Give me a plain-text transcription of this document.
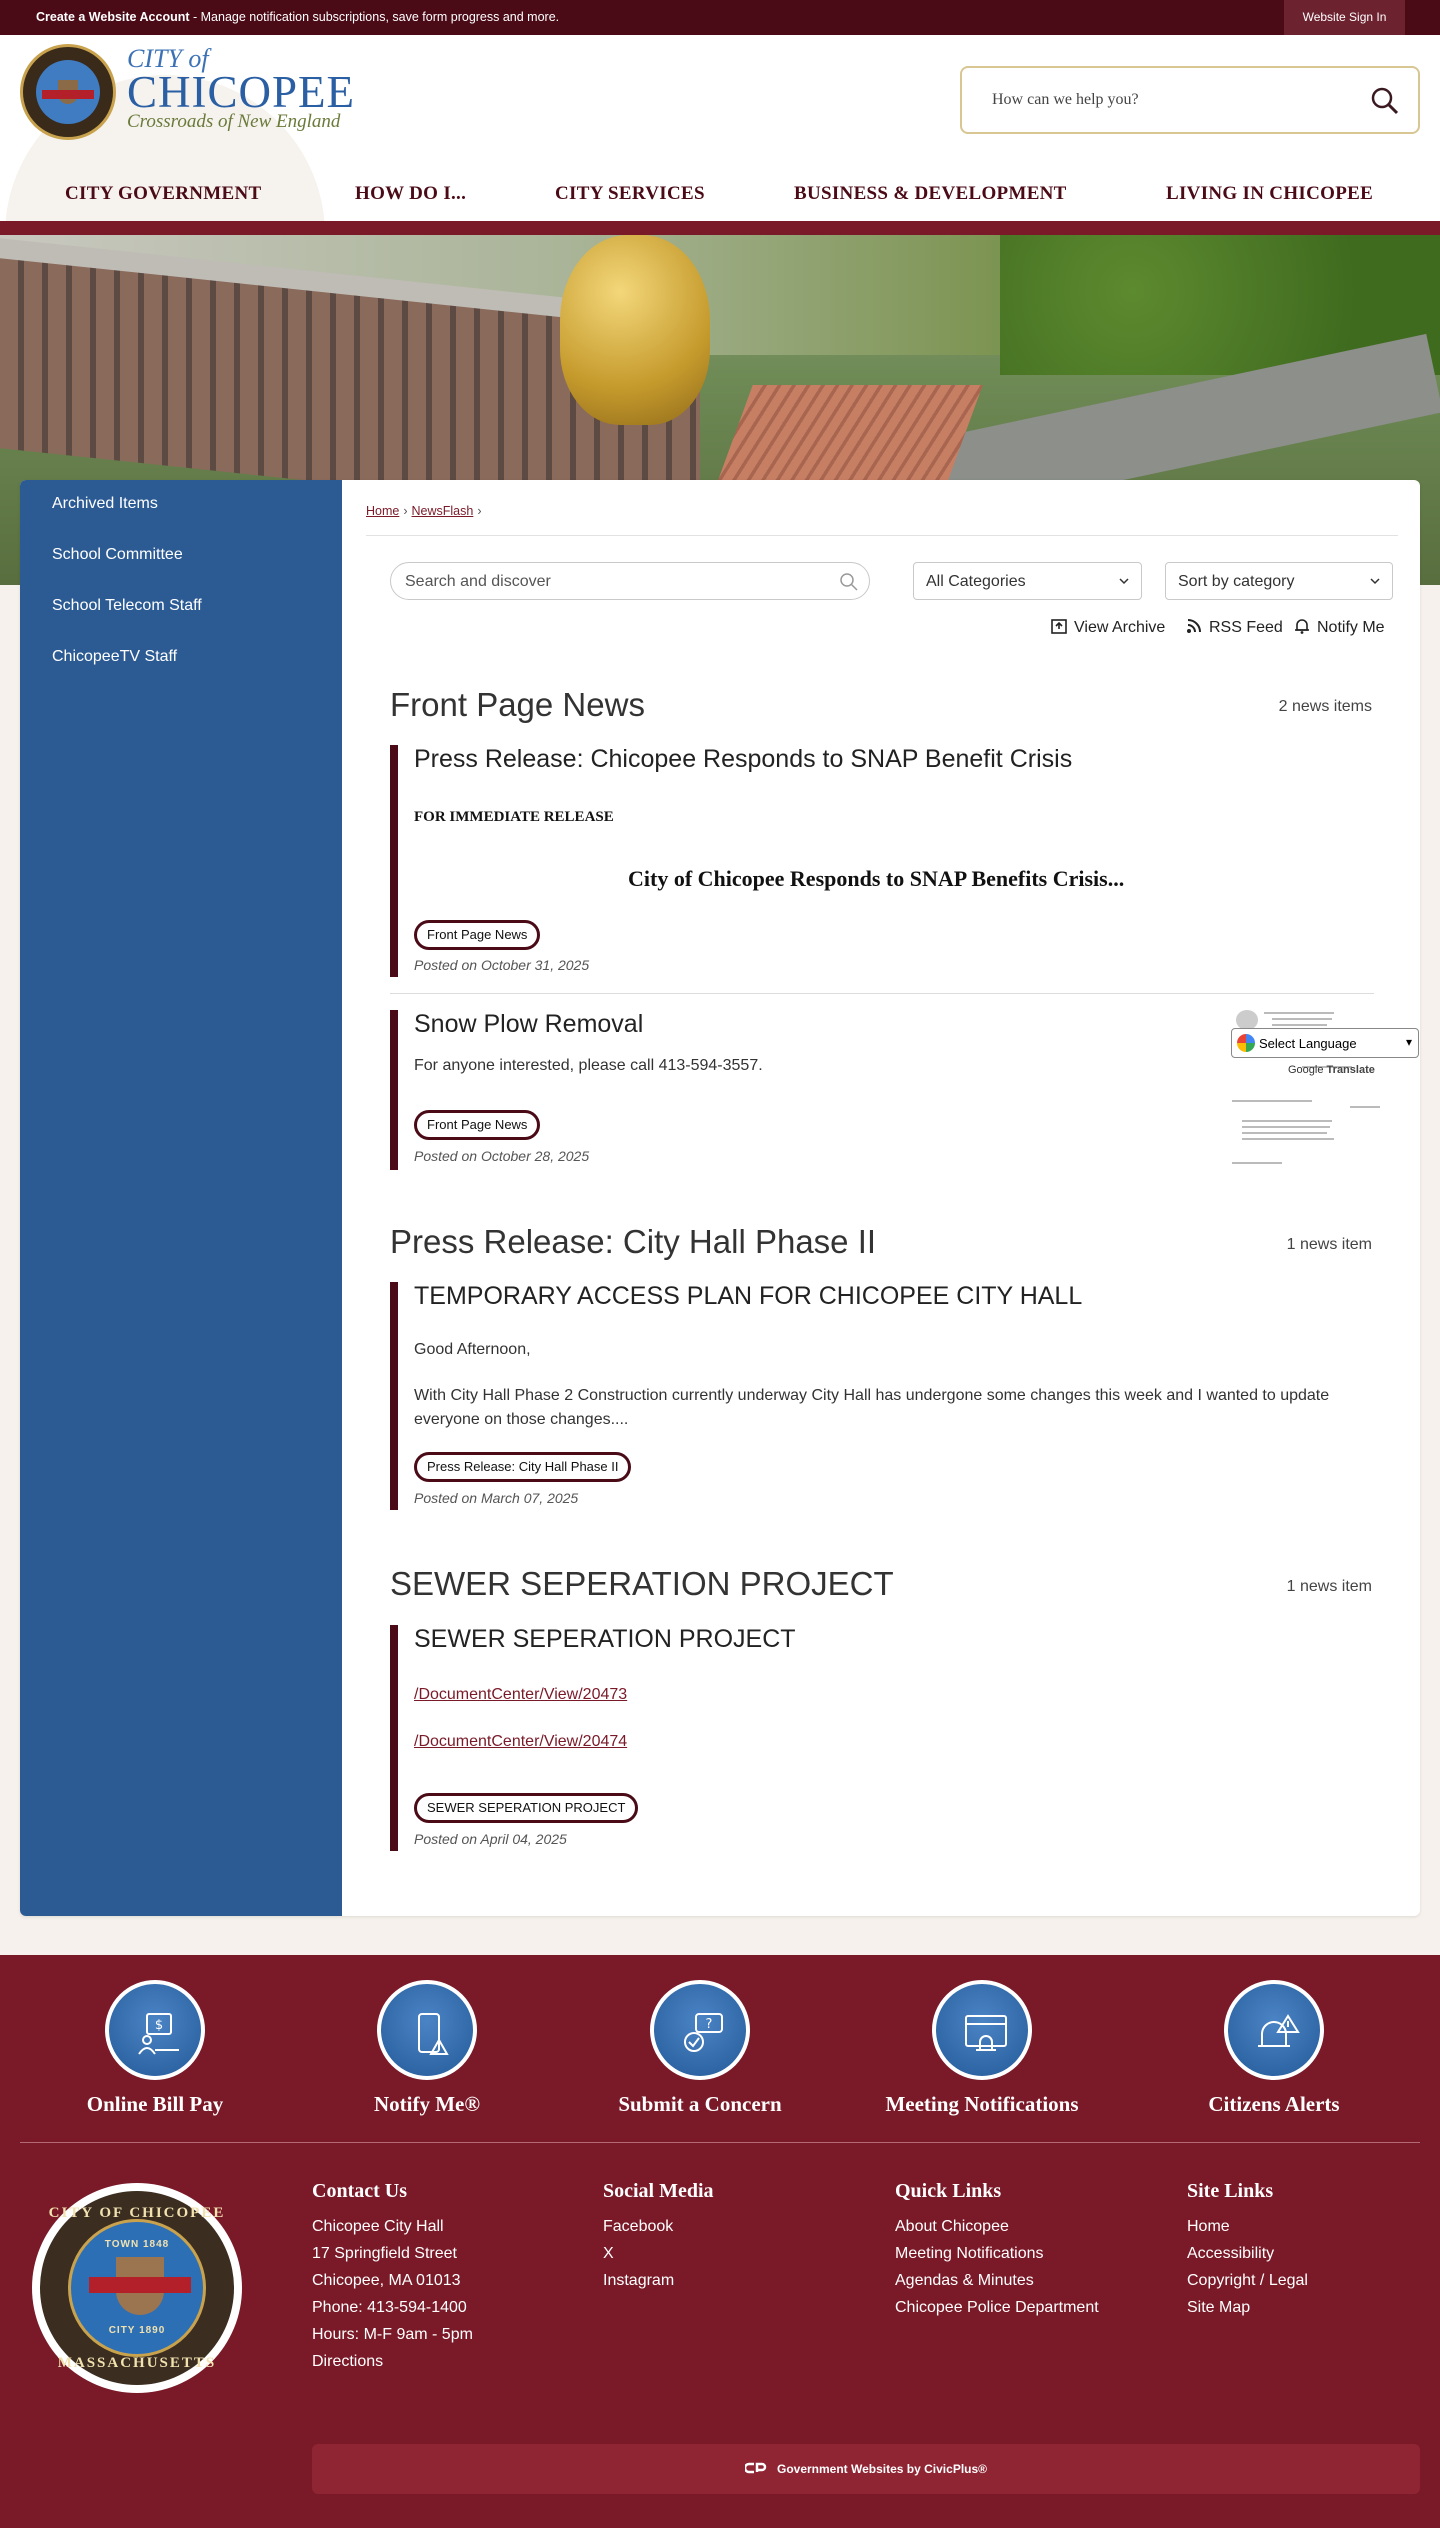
Create a Website Account - Manage notification subscriptions, save form progress and more.	Website Sign In
CITY of
CHICOPEE
Crossroads of New England
How can we help you?
CITY GOVERNMENT	HOW DO I...	CITY SERVICES	BUSINESS & DEVELOPMENT	LIVING IN CHICOPEE
Archived Items
School Committee
School Telecom Staff
ChicopeeTV Staff
Home › NewsFlash ›
Search and discover	All Categories	Sort by category
View Archive	RSS Feed	Notify Me
Front Page News	2 news items
Press Release: Chicopee Responds to SNAP Benefit Crisis
FOR IMMEDIATE RELEASE
City of Chicopee Responds to SNAP Benefits Crisis...
Front Page News
Posted on October 31, 2025
Snow Plow Removal
For anyone interested, please call 413-594-3557.
Front Page News
Posted on October 28, 2025
Press Release: City Hall Phase II	1 news item
TEMPORARY ACCESS PLAN FOR CHICOPEE CITY HALL
Good Afternoon,
With City Hall Phase 2 Construction currently underway City Hall has undergone some changes this week and I wanted to update everyone on those changes....
Press Release: City Hall Phase II
Posted on March 07, 2025
SEWER SEPERATION PROJECT	1 news item
SEWER SEPERATION PROJECT
/DocumentCenter/View/20473
/DocumentCenter/View/20474
SEWER SEPERATION PROJECT
Posted on April 04, 2025
Select Language	▾
Google Translate
$
Online Bill Pay	Notify Me®
?
Submit a Concern	Meeting Notifications	Citizens Alerts
CITY OF CHICOPEE
MASSACHUSETTS
TOWN 1848
CITY 1890
Contact Us
Chicopee City Hall
17 Springfield Street
Chicopee, MA 01013
Phone: 413-594-1400
Hours: M-F 9am - 5pm
Directions
Social Media
Facebook
X
Instagram
Quick Links
About Chicopee
Meeting Notifications
Agendas & Minutes
Chicopee Police Department
Site Links
Home
Accessibility
Copyright / Legal
Site Map
Government Websites by CivicPlus®
